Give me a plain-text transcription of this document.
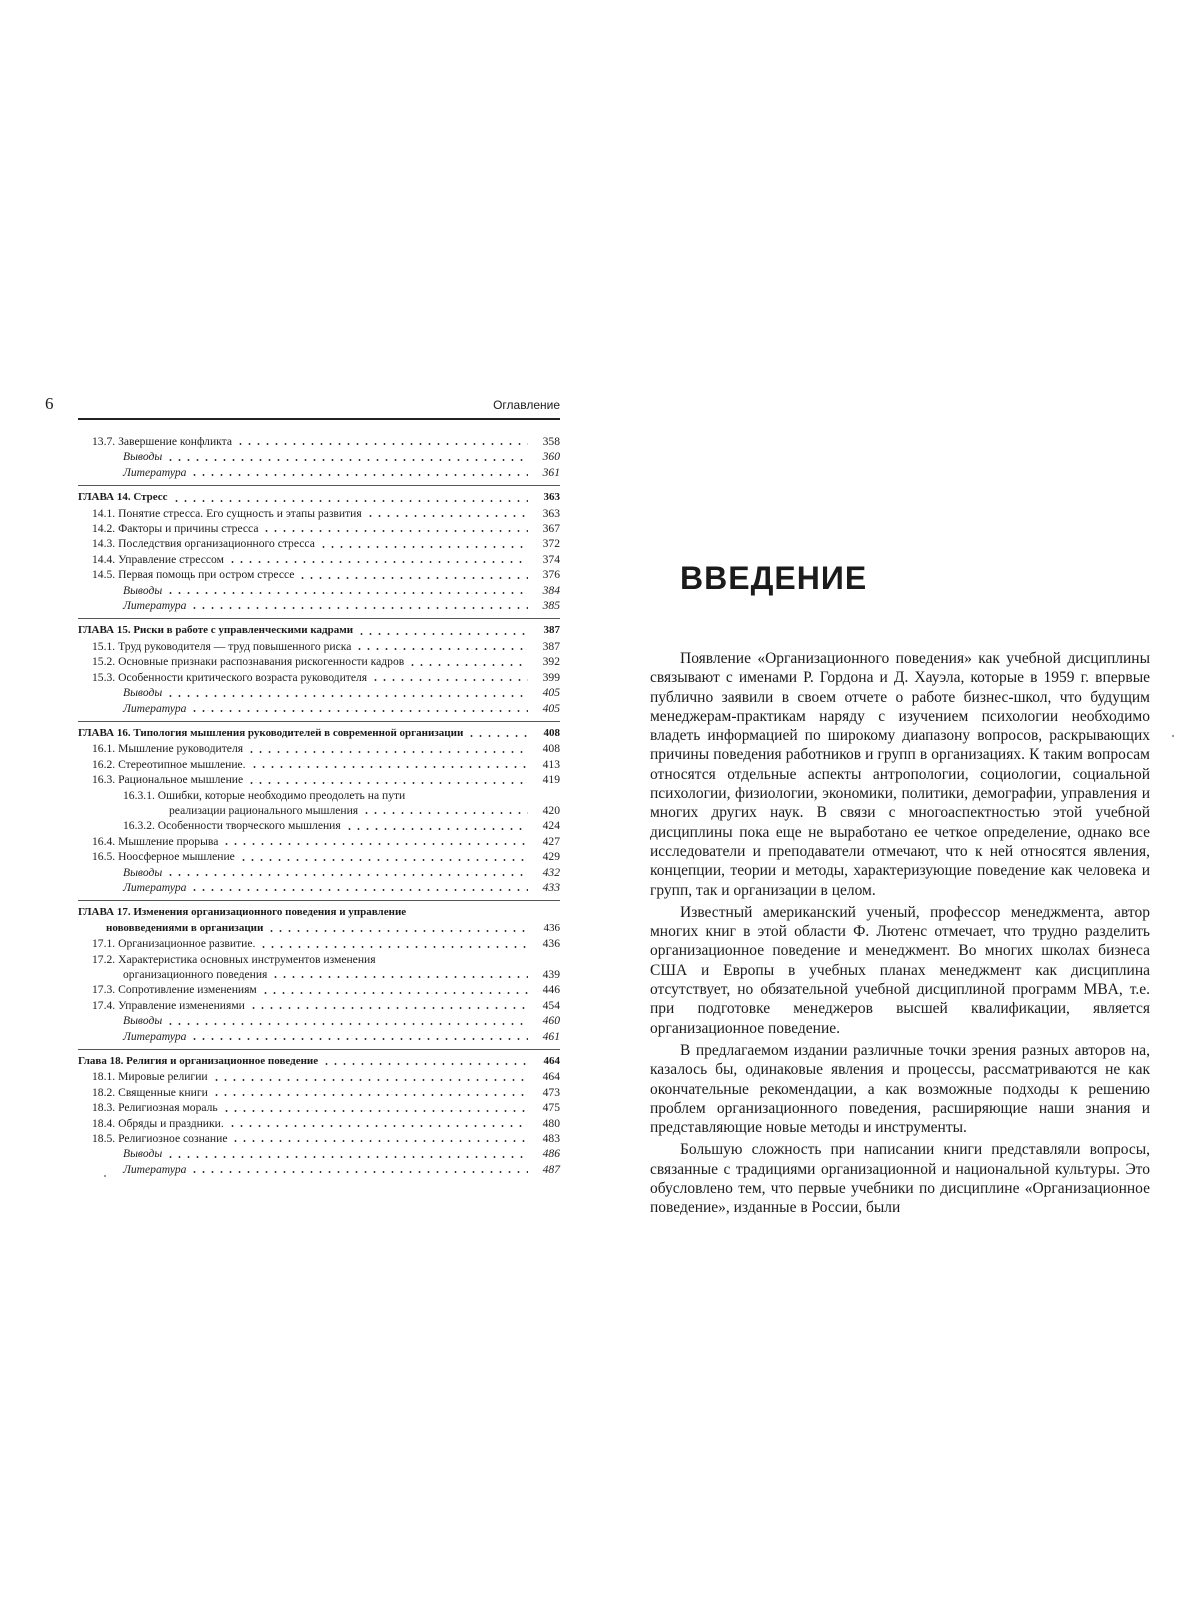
6	Оглавление
13.7. Завершение конфликта	358
Выводы	360
Литература	361
ГЛАВА 14. Стресс	363
14.1. Понятие стресса. Его сущность и этапы развития	363
14.2. Факторы и причины стресса	367
14.3. Последствия организационного стресса	372
14.4. Управление стрессом	374
14.5. Первая помощь при остром стрессе	376
Выводы	384
Литература	385
ГЛАВА 15. Риски в работе с управленческими кадрами	387
15.1. Труд руководителя — труд повышенного риска	387
15.2. Основные признаки распознавания рискогенности кадров	392
15.3. Особенности критического возраста руководителя	399
Выводы	405
Литература	405
ГЛАВА 16. Типология мышления руководителей в современной организации	408
16.1. Мышление руководителя	408
16.2. Стереотипное мышление.	413
16.3. Рациональное мышление	419
16.3.1. Ошибки, которые необходимо преодолеть на пути
реализации рационального мышления	420
16.3.2. Особенности творческого мышления	424
16.4. Мышление прорыва	427
16.5. Ноосферное мышление	429
Выводы	432
Литература	433
ГЛАВА 17. Изменения организационного поведения и управление
нововведениями в организации	436
17.1. Организационное развитие.	436
17.2. Характеристика основных инструментов изменения
организационного поведения	439
17.3. Сопротивление изменениям	446
17.4. Управление изменениями	454
Выводы	460
Литература	461
Глава 18. Религия и организационное поведение	464
18.1. Мировые религии	464
18.2. Священные книги	473
18.3. Религиозная мораль	475
18.4. Обряды и праздники.	480
18.5. Религиозное сознание	483
Выводы	486
Литература	487
ВВЕДЕНИЕ

Появление «Организационного поведения» как учебной дисциплины связывают с именами Р. Гордона и Д. Хауэла, которые в 1959 г. впервые публично заявили в своем отчете о работе бизнес-школ, что будущим менеджерам-практикам наряду с изучением психологии необходимо владеть информацией по широкому диапазону вопросов, раскрывающих причины поведения работников и групп в организациях. К таким вопросам относятся отдельные аспекты антропологии, социологии, социальной психологии, физиологии, экономики, политики, демографии, управления и многих других наук. В связи с многоаспектностью этой учебной дисциплины пока еще не выработано ее четкое определение, однако все исследователи и преподаватели отмечают, что к ней относятся явления, концепции, теории и методы, характеризующие поведение как человека и групп, так и организации в целом.

Известный американский ученый, профессор менеджмента, автор многих книг в этой области Ф. Лютенс отмечает, что трудно разделить организационное поведение и менеджмент. Во многих школах бизнеса США и Европы в учебных планах менеджмент как дисциплина отсутствует, но обязательной учебной дисциплиной программ MBA, т.е. при подготовке менеджеров высшей квалификации, является организационное поведение.

В предлагаемом издании различные точки зрения разных авторов на, казалось бы, одинаковые явления и процессы, рассматриваются не как окончательные рекомендации, а как возможные подходы к решению проблем организационного поведения, расширяющие наши знания и представляющие новые методы и инструменты.

Большую сложность при написании книги представляли вопросы, связанные с традициями организационной и национальной культуры. Это обусловлено тем, что первые учебники по дисциплине «Организационное поведение», изданные в России, были
